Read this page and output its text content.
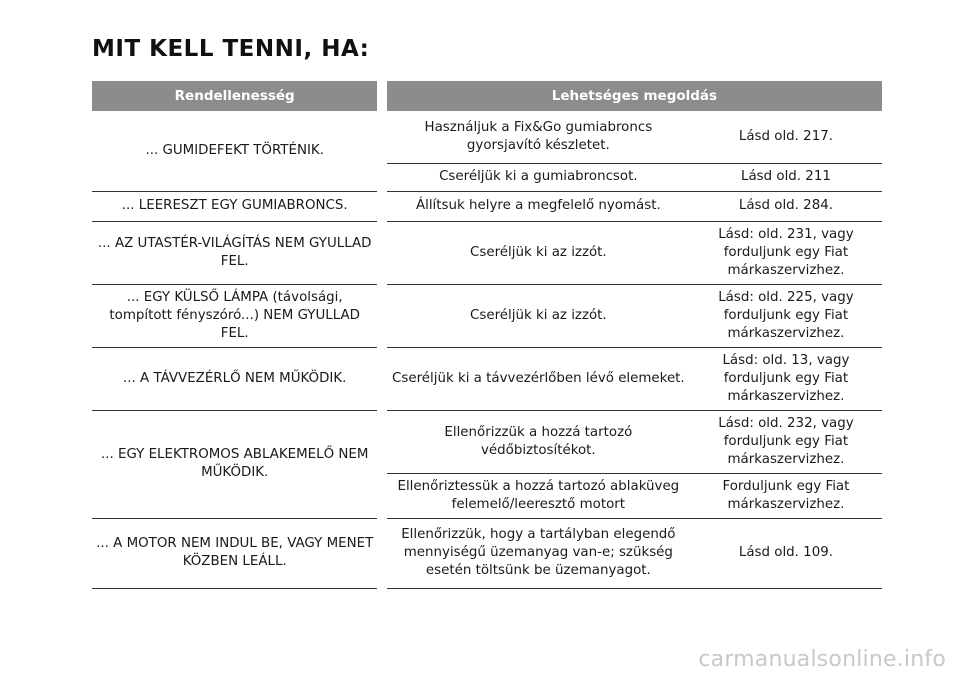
MIT KELL TENNI, HA:
Rendellenesség		Lehetséges megoldás	
... GUMIDEFEKT TÖRTÉNIK.		Használjuk a Fix&Go gumiabroncs gyorsjavító készletet.	Lásd old. 217.
		Cseréljük ki a gumiabroncsot.	Lásd old. 211
... LEERESZT EGY GUMIABRONCS.		Állítsuk helyre a megfelelő nyomást.	Lásd old. 284.
... AZ UTASTÉR-VILÁGÍTÁS NEM GYULLAD FEL.		Cseréljük ki az izzót.	Lásd: old. 231, vagy forduljunk egy Fiat márkaszervizhez.
... EGY KÜLSŐ LÁMPA (távolsági, tompított fényszóró...) NEM GYULLAD FEL.		Cseréljük ki az izzót.	Lásd: old. 225, vagy forduljunk egy Fiat márkaszervizhez.
... A TÁVVEZÉRLŐ NEM MŰKÖDIK.		Cseréljük ki a távvezérlőben lévő elemeket.	Lásd: old. 13, vagy forduljunk egy Fiat márkaszervizhez.
... EGY ELEKTROMOS ABLAKEMELŐ NEM MŰKÖDIK.		Ellenőrizzük a hozzá tartozó védőbiztosítékot.	Lásd: old. 232, vagy forduljunk egy Fiat márkaszervizhez.
		Ellenőriztessük a hozzá tartozó ablaküveg felemelő/leeresztő motort	Forduljunk egy Fiat márkaszervizhez.
... A MOTOR NEM INDUL BE, VAGY MENET KÖZBEN LEÁLL.		Ellenőrizzük, hogy a tartályban elegendő mennyiségű üzemanyag van-e; szükség esetén töltsünk be üzemanyagot.	Lásd old. 109.
carmanualsonline.info
